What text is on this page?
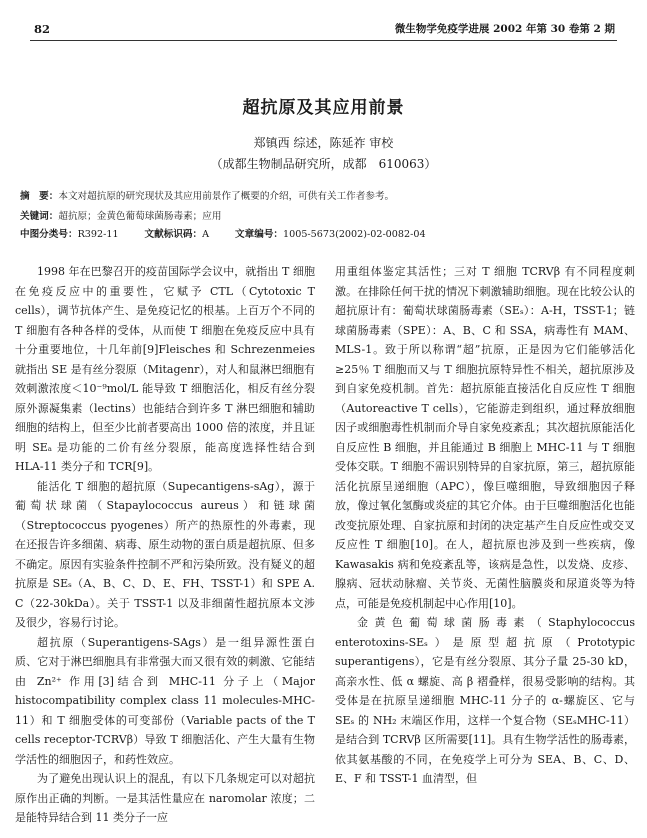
82	微生物学免疫学进展 2002 年第 30 卷第 2 期
超抗原及其应用前景
郑镇西 综述，陈延祚 审校
（成都生物制品研究所，成都　610063）
摘　要：本文对超抗原的研究现状及其应用前景作了概要的介绍，可供有关工作者参考。
关键词：超抗原；金黄色葡萄球菌肠毒素；应用
中图分类号：R392-11	文献标识码：A	文章编号：1005-5673(2002)-02-0082-04

1998 年在巴黎召开的疫苗国际学会议中，就指出 T 细胞在免疫反应中的重要性，它赋予 CTL（Cytotoxic T cells），调节抗体产生、是免疫记忆的根基。上百万个不同的 T 细胞有各种各样的受体，从而使 T 细胞在免疫反应中具有十分重要地位，十几年前[9]Fleisches 和 Schrezenmeies 就指出 SE 是有丝分裂原（Mitagenr），对人和鼠淋巴细胞有效刺激浓度＜10⁻⁹mol/L 能导致 T 细胞活化，相反有丝分裂原外源凝集素（lectins）也能结合到许多 T 淋巴细胞和辅助细胞的结构上，但至少比前者要高出 1000 倍的浓度，并且证明 SEₐ 是功能的二价有丝分裂原，能高度选择性结合到 HLA-11 类分子和 TCR[9]。

能活化 T 细胞的超抗原（Supecantigens-sAg），源于葡萄状球菌（Stapaylococcus aureus）和链球菌（Streptococcus pyogenes）所产的热原性的外毒素，现在还报告许多细菌、病毒、原生动物的蛋白质是超抗原、但多不确定。原因有实验条件控制不严和污染所致。没有疑义的超抗原是 SEₛ（A、B、C、D、E、FH、TSST-1）和 SPE A. C（22-30kDa）。关于 TSST-1 以及非细菌性超抗原本文涉及很少，容易行讨论。

超抗原（Superantigens-SAgs）是一组异源性蛋白质、它对于淋巴细胞具有非常强大而又很有效的刺激、它能结由 Zn²⁺ 作用[3]结合到 MHC-11 分子上（Major histocompatibility complex class 11 molecules-MHC-11）和 T 细胞受体的可变部份（Variable pacts of the T cells receptor-TCRVβ）导致 T 细胞活化、产生大量有生物学活性的细胞因子，和药性效应。

为了避免出现认识上的混乱，有以下几条规定可以对超抗原作出正确的判断。一是其活性量应在 naromolar 浓度；二是能特异结合到 11 类分子一应

用重组体鉴定其活性；三对 T 细胞 TCRVβ 有不同程度刺激。在排除任何干扰的情况下刺激辅助细胞。现在比较公认的超抗原计有：葡萄状球菌肠毒素（SEₛ）：A-H，TSST-1；链球菌肠毒素（SPE）：A、B、C 和 SSA，病毒性有 MAM、MLS-1。致于所以称谓“超”抗原，正是因为它们能够活化≥25％ T 细胞而又与 T 细胞抗原特异性不相关，超抗原涉及到自家免疫机制。首先：超抗原能直接活化自反应性 T 细胞（Autoreactive T cells），它能游走到组织，通过释放细胞因子或细胞毒性机制而介导自家免疫紊乱；其次超抗原能活化自反应性 B 细胞，并且能通过 B 细胞上 MHC-11 与 T 细胞受体交联。T 细胞不需识别特异的自家抗原，第三，超抗原能活化抗原呈递细胞（APC），像巨噬细胞，导致细胞因子释放，像过氧化氢酶或炎症的其它介体。由于巨噬细胞活化也能改变抗原处理、自家抗原和封闭的决定基产生自反应性或交叉反应性 T 细胞[10]。在人，超抗原也涉及到一些疾病，像 Kawasakis 病和免疫紊乱等，该病是急性，以发烧、皮疹、腺病、冠状动脉瘤、关节炎、无菌性脑膜炎和尿道炎等为特点，可能是免疫机制起中心作用[10]。

金黄色葡萄球菌肠毒素（Staphylococcus enterotoxins-SEₛ）是原型超抗原（Prototypic superantigens），它是有丝分裂原、其分子量 25-30 kD，高亲水性、低 α 螺旋、高 β 褶叠样，很易受影响的结构。其受体是在抗原呈递细胞 MHC-11 分子的 α-螺旋区、它与 SEₛ 的 NH₂ 末端区作用，这样一个复合物（SEₛMHC-11）是结合到 TCRVβ 区所需要[11]。具有生物学活性的肠毒素，依其氨基酸的不同，在免疫学上可分为 SEA、B、C、D、E、F 和 TSST-1 血清型，但
